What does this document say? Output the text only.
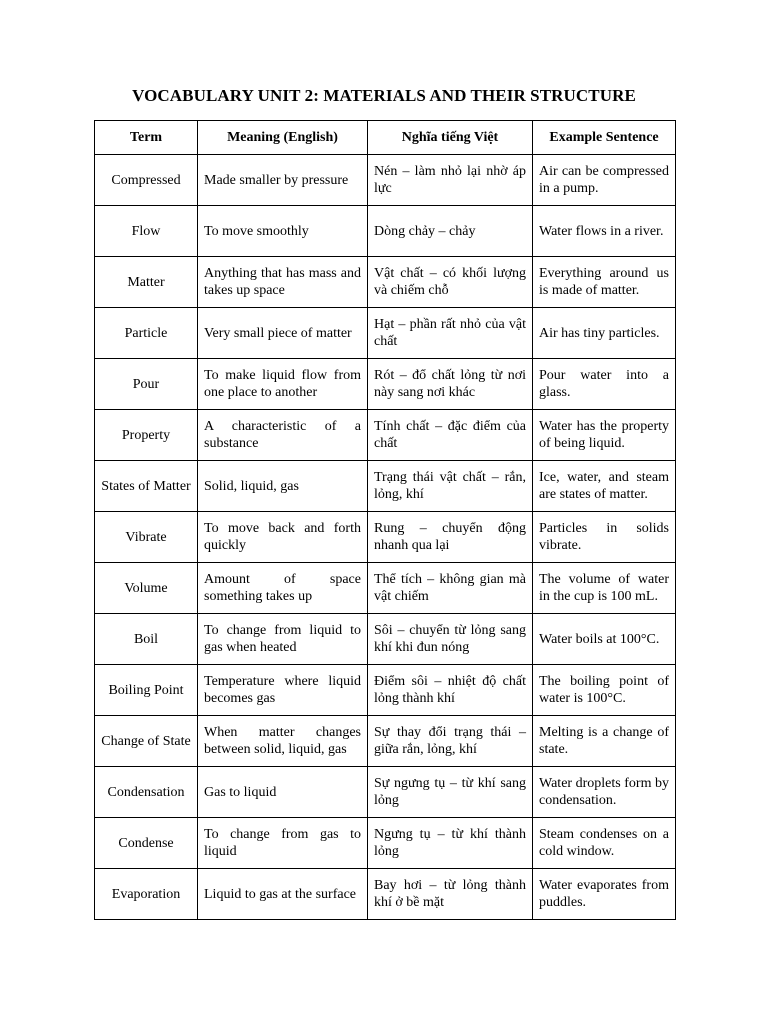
VOCABULARY UNIT 2: MATERIALS AND THEIR STRUCTURE
Term	Meaning (English)	Nghĩa tiếng Việt	Example Sentence
Compressed	Made smaller by pressure	Nén – làm nhỏ lại nhờ áp lực	Air can be compressed in a pump.
Flow	To move smoothly	Dòng chảy – chảy	Water flows in a river.
Matter	Anything that has mass and takes up space	Vật chất – có khối lượng và chiếm chỗ	Everything around us is made of matter.
Particle	Very small piece of matter	Hạt – phần rất nhỏ của vật chất	Air has tiny particles.
Pour	To make liquid flow from one place to another	Rót – đổ chất lỏng từ nơi này sang nơi khác	Pour water into a glass.
Property	A characteristic of a substance	Tính chất – đặc điểm của chất	Water has the property of being liquid.
States of Matter	Solid, liquid, gas	Trạng thái vật chất – rắn, lỏng, khí	Ice, water, and steam are states of matter.
Vibrate	To move back and forth quickly	Rung – chuyển động nhanh qua lại	Particles in solids vibrate.
Volume	Amount of space something takes up	Thể tích – không gian mà vật chiếm	The volume of water in the cup is 100 mL.
Boil	To change from liquid to gas when heated	Sôi – chuyển từ lỏng sang khí khi đun nóng	Water boils at 100°C.
Boiling Point	Temperature where liquid becomes gas	Điểm sôi – nhiệt độ chất lỏng thành khí	The boiling point of water is 100°C.
Change of State	When matter changes between solid, liquid, gas	Sự thay đổi trạng thái – giữa rắn, lỏng, khí	Melting is a change of state.
Condensation	Gas to liquid	Sự ngưng tụ – từ khí sang lỏng	Water droplets form by condensation.
Condense	To change from gas to liquid	Ngưng tụ – từ khí thành lỏng	Steam condenses on a cold window.
Evaporation	Liquid to gas at the surface	Bay hơi – từ lỏng thành khí ở bề mặt	Water evaporates from puddles.
